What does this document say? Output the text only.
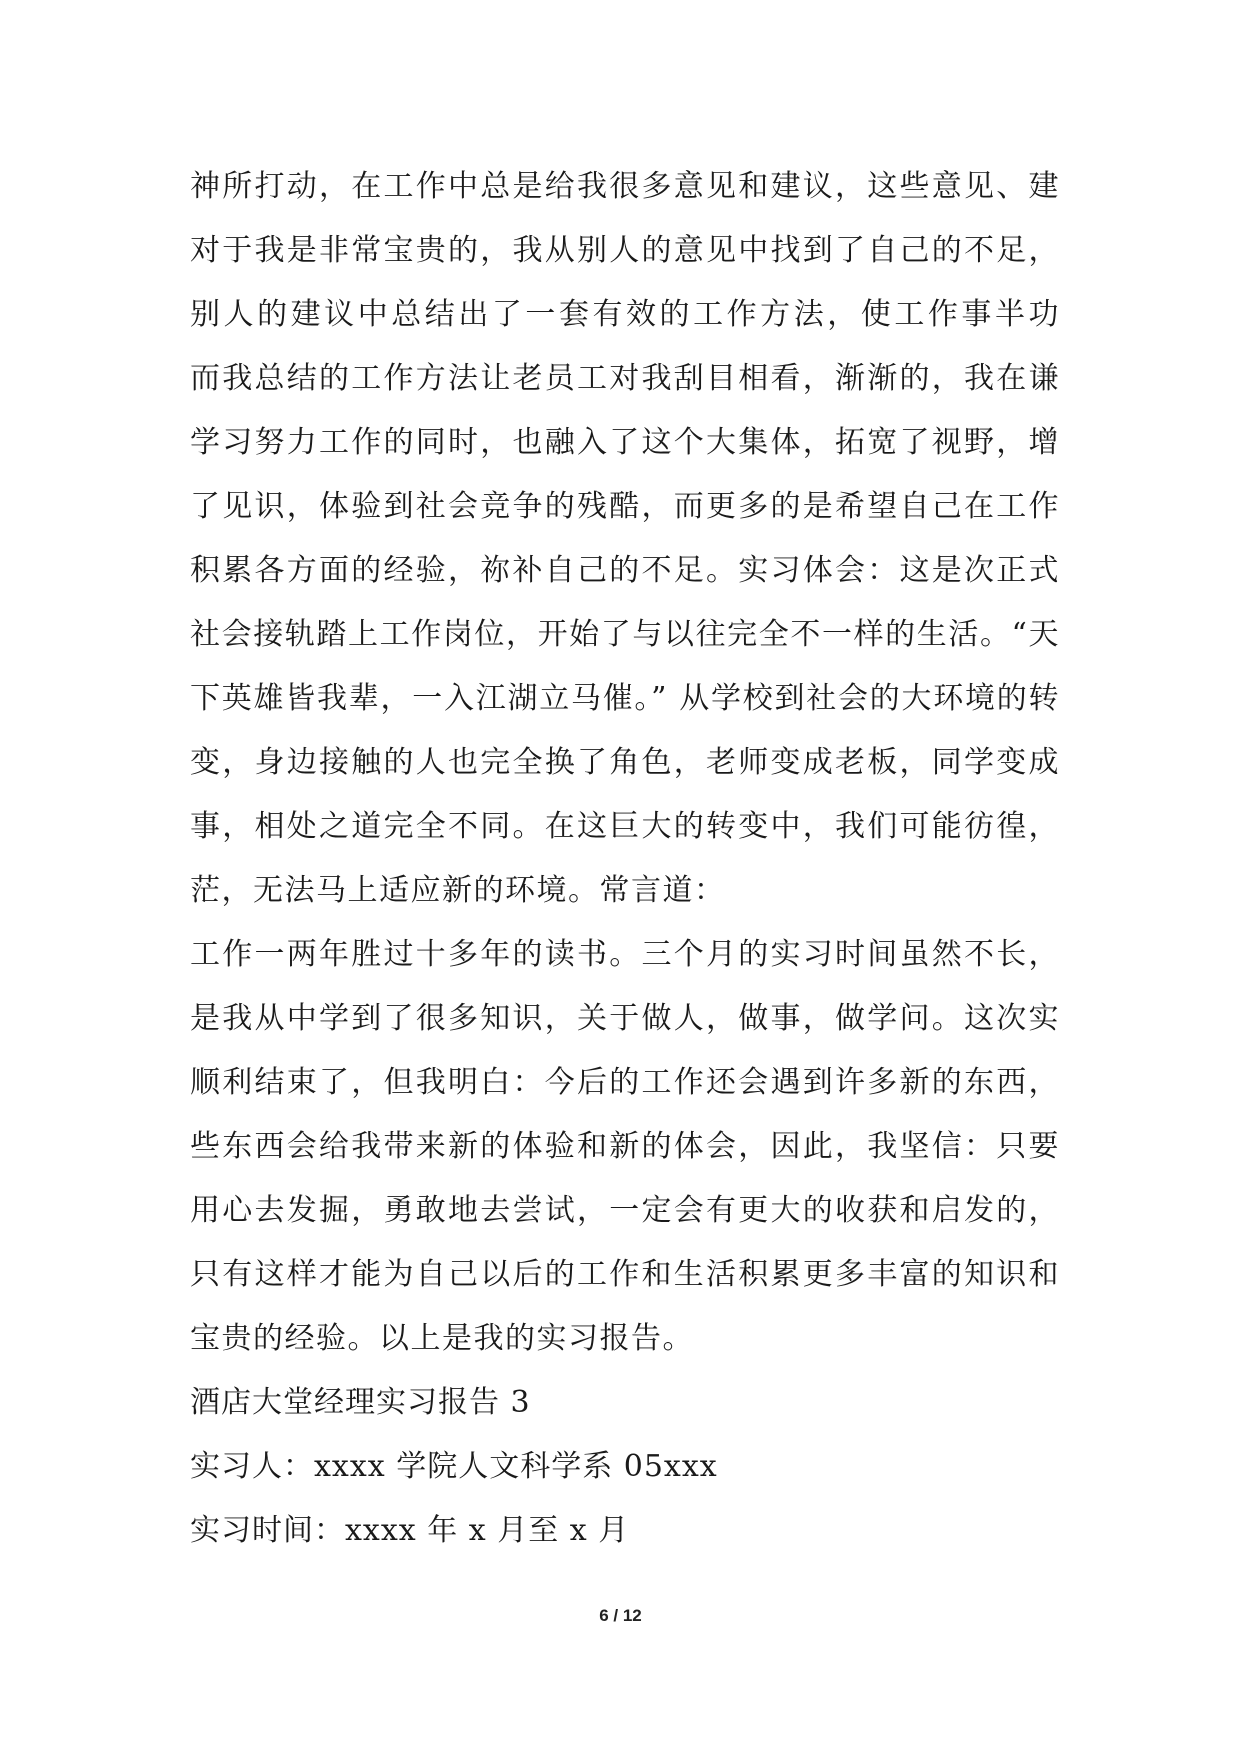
神所打动，在工作中总是给我很多意见和建议，这些意见、建
对于我是非常宝贵的，我从别人的意见中找到了自己的不足，
别人的建议中总结出了一套有效的工作方法，使工作事半功
而我总结的工作方法让老员工对我刮目相看，渐渐的，我在谦
学习努力工作的同时，也融入了这个大集体，拓宽了视野，增
了见识，体验到社会竞争的残酷，而更多的是希望自己在工作
积累各方面的经验，祢补自己的不足。实习体会：这是次正式
社会接轨踏上工作岗位，开始了与以往完全不一样的生活。“天
下英雄皆我辈，一入江湖立马催。” 从学校到社会的大环境的转
变，身边接触的人也完全换了角色，老师变成老板，同学变成
事，相处之道完全不同。在这巨大的转变中，我们可能彷徨，
茫，无法马上适应新的环境。常言道：
工作一两年胜过十多年的读书。三个月的实习时间虽然不长，
是我从中学到了很多知识，关于做人，做事，做学问。这次实
顺利结束了，但我明白：今后的工作还会遇到许多新的东西，
些东西会给我带来新的体验和新的体会，因此，我坚信：只要
用心去发掘，勇敢地去尝试，一定会有更大的收获和启发的，
只有这样才能为自己以后的工作和生活积累更多丰富的知识和
宝贵的经验。以上是我的实习报告。
酒店大堂经理实习报告 3
实习人：xxxx 学院人文科学系 05xxx
实习时间：xxxx 年 x 月至 x 月
6 / 12
